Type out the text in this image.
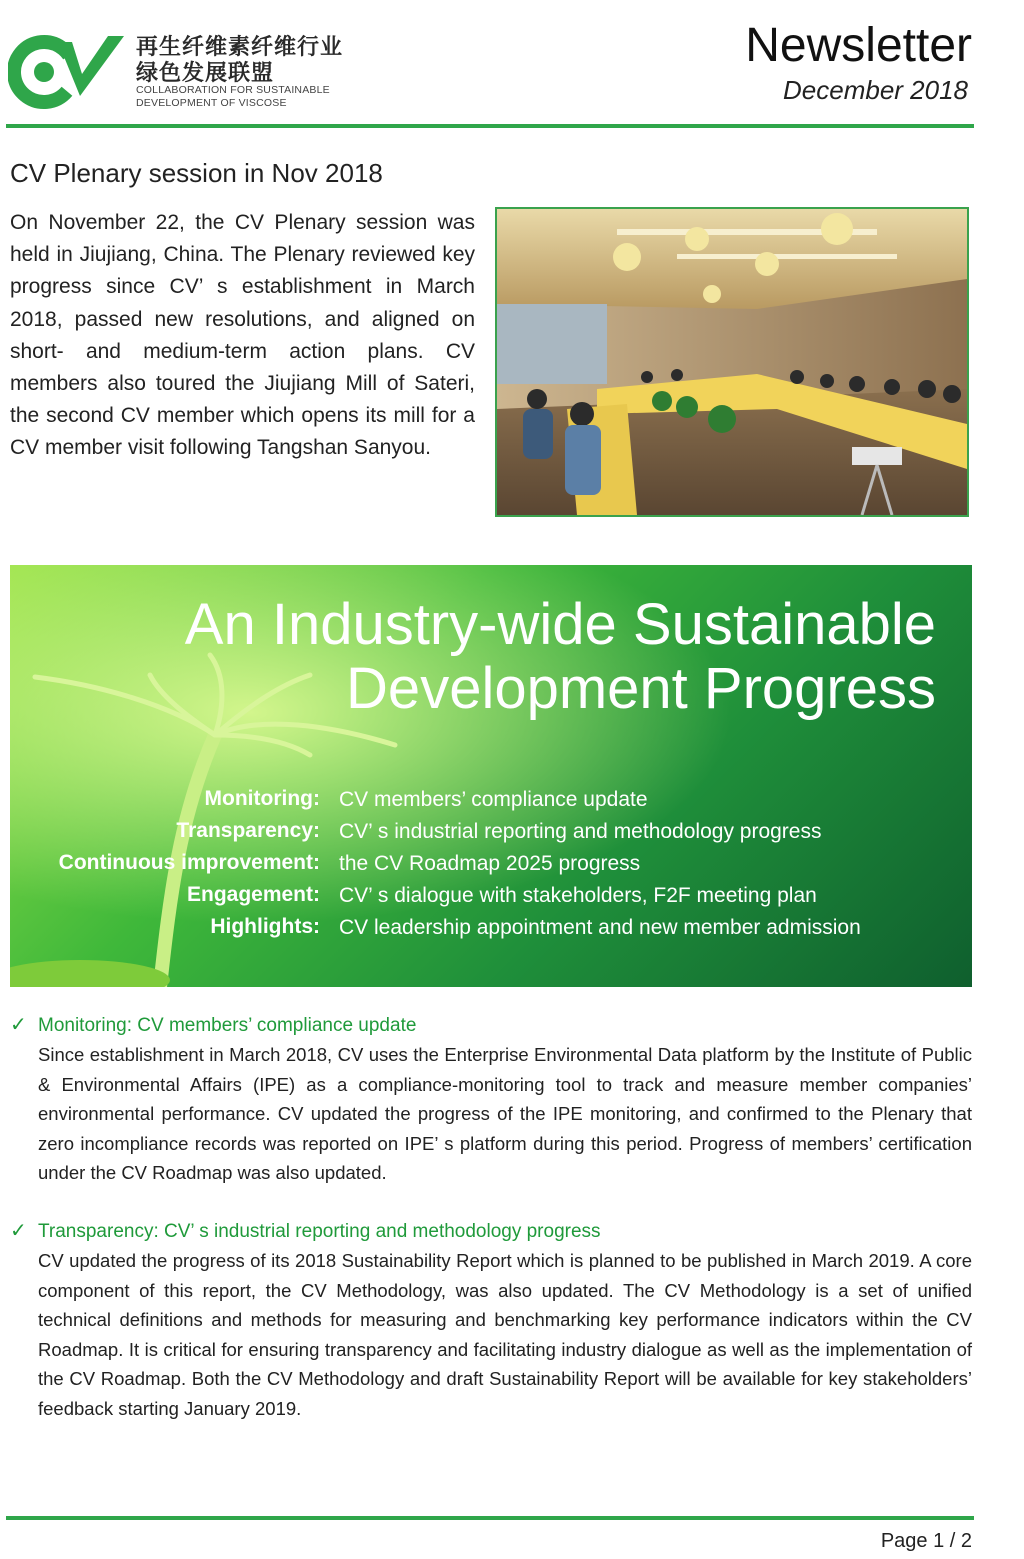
再生纤维素纤维行业
绿色发展联盟
COLLABORATION FOR SUSTAINABLE
DEVELOPMENT OF VISCOSE
Newsletter
December 2018
CV Plenary session in Nov 2018

On November 22, the CV Plenary session was held in Jiujiang, China. The Plenary reviewed key progress since CV’ s establishment in March 2018, passed new resolutions, and aligned on short- and medium-term action plans. CV members also toured the Jiujiang Mill of Sateri, the second CV member which opens its mill for a CV member visit following Tangshan Sanyou.

An Industry-wide Sustainable
Development Progress
Monitoring: CV members’ compliance update
Transparency: CV’ s industrial reporting and methodology progress
Continuous improvement: the CV Roadmap 2025 progress
Engagement: CV’ s dialogue with stakeholders, F2F meeting plan
Highlights: CV leadership appointment and new member admission
✓ Monitoring: CV members’ compliance update

Since establishment in March 2018, CV uses the Enterprise Environmental Data platform by the Institute of Public & Environmental Affairs (IPE) as a compliance-monitoring tool to track and measure member companies’ environmental performance. CV updated the progress of the IPE monitoring, and confirmed to the Plenary that zero incompliance records was reported on IPE’ s platform during this period. Progress of members’ certification under the CV Roadmap was also updated.

✓ Transparency: CV’ s industrial reporting and methodology progress

CV updated the progress of its 2018 Sustainability Report which is planned to be published in March 2019. A core component of this report, the CV Methodology, was also updated. The CV Methodology is a set of unified technical definitions and methods for measuring and benchmarking key performance indicators within the CV Roadmap. It is critical for ensuring transparency and facilitating industry dialogue as well as the implementation of the CV Roadmap. Both the CV Methodology and draft Sustainability Report will be available for key stakeholders’ feedback starting January 2019.

Page 1 / 2
